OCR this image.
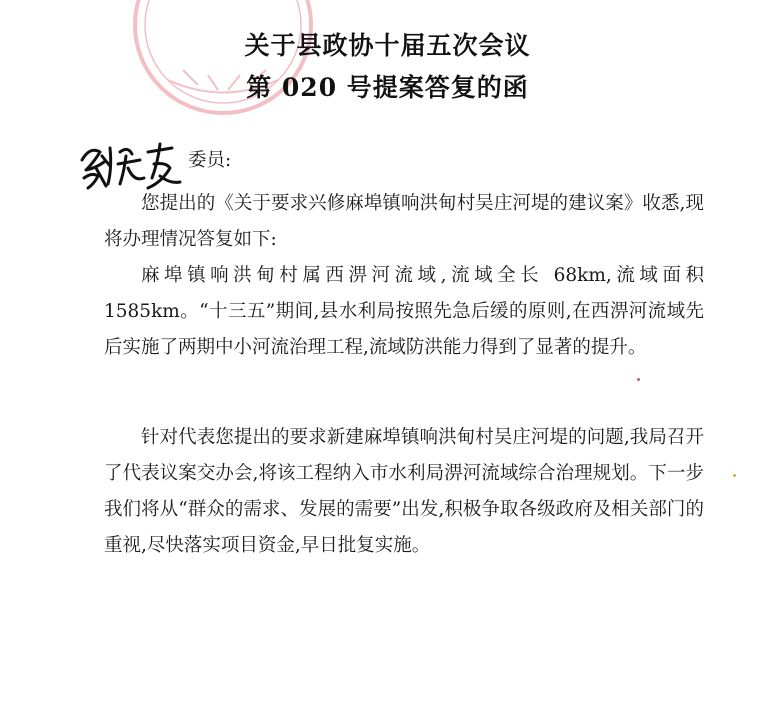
关于县政协十届五次会议
第 020 号提案答复的函

委员:

您提出的《关于要求兴修麻埠镇响洪甸村吴庄河堤的建议案》收悉,现将办理情况答复如下:

麻埠镇响洪甸村属西淠河流域,流域全长 68km,流域面积 1585km。“十三五”期间,县水利局按照先急后缓的原则,在西淠河流域先后实施了两期中小河流治理工程,流域防洪能力得到了显著的提升。

针对代表您提出的要求新建麻埠镇响洪甸村吴庄河堤的问题,我局召开了代表议案交办会,将该工程纳入市水利局淠河流域综合治理规划。下一步我们将从“群众的需求、发展的需要”出发,积极争取各级政府及相关部门的重视,尽快落实项目资金,早日批复实施。
